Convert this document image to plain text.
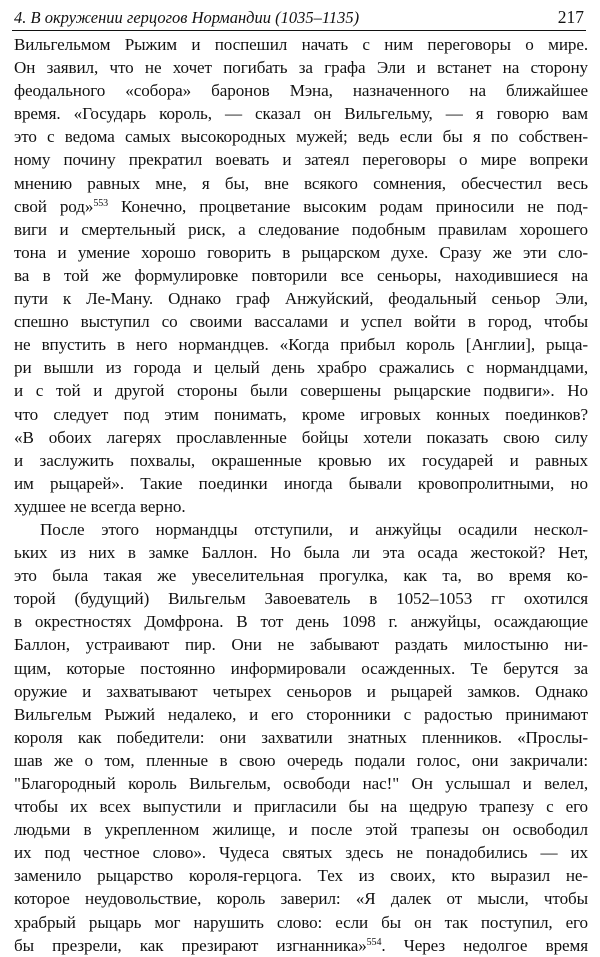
4. В окружении герцогов Нормандии (1035–1135)	217
Вильгельмом Рыжим и поспешил начать с ним переговоры о мире.
Он заявил, что не хочет погибать за графа Эли и встанет на сторону
феодального «собора» баронов Мэна, назначенного на ближайшее
время. «Государь король, — сказал он Вильгельму, — я говорю вам
это с ведома самых высокородных мужей; ведь если бы я по собствен-
ному почину прекратил воевать и затеял переговоры о мире вопреки
мнению равных мне, я бы, вне всякого сомнения, обесчестил весь
свой род»$^{553}$ Конечно, процветание высоким родам приносили не под-
виги и смертельный риск, а следование подобным правилам хорошего
тона и умение хорошо говорить в рыцарском духе. Сразу же эти сло-
ва в той же формулировке повторили все сеньоры, находившиеся на
пути к Ле-Ману. Однако граф Анжуйский, феодальный сеньор Эли,
спешно выступил со своими вассалами и успел войти в город, чтобы
не впустить в него нормандцев. «Когда прибыл король [Англии], рыца-
ри вышли из города и целый день храбро сражались с нормандцами,
и с той и другой стороны были совершены рыцарские подвиги». Но
что следует под этим понимать, кроме игровых конных поединков?
«В обоих лагерях прославленные бойцы хотели показать свою силу
и заслужить похвалы, окрашенные кровью их государей и равных
им рыцарей». Такие поединки иногда бывали кровопролитными, но
худшее не всегда верно.
После этого нормандцы отступили, и анжуйцы осадили нескол-
ьких из них в замке Баллон. Но была ли эта осада жестокой? Нет,
это была такая же увеселительная прогулка, как та, во время ко-
торой (будущий) Вильгельм Завоеватель в 1052–1053 гг охотился
в окрестностях Домфрона. В тот день 1098 г. анжуйцы, осаждающие
Баллон, устраивают пир. Они не забывают раздать милостыню ни-
щим, которые постоянно информировали осажденных. Те берутся за
оружие и захватывают четырех сеньоров и рыцарей замков. Однако
Вильгельм Рыжий недалеко, и его сторонники с радостью принимают
короля как победители: они захватили знатных пленников. «Прослы-
шав же о том, пленные в свою очередь подали голос, они закричали:
"Благородный король Вильгельм, освободи нас!" Он услышал и велел,
чтобы их всех выпустили и пригласили бы на щедрую трапезу с его
людьми в укрепленном жилище, и после этой трапезы он освободил
их под честное слово». Чудеса святых здесь не понадобились — их
заменило рыцарство короля-герцога. Тех из своих, кто выразил не-
которое неудовольствие, король заверил: «Я далек от мысли, чтобы
храбрый рыцарь мог нарушить слово: если бы он так поступил, его
бы презрели, как презирают изгнанника»$^{554}$. Через недолгое время
